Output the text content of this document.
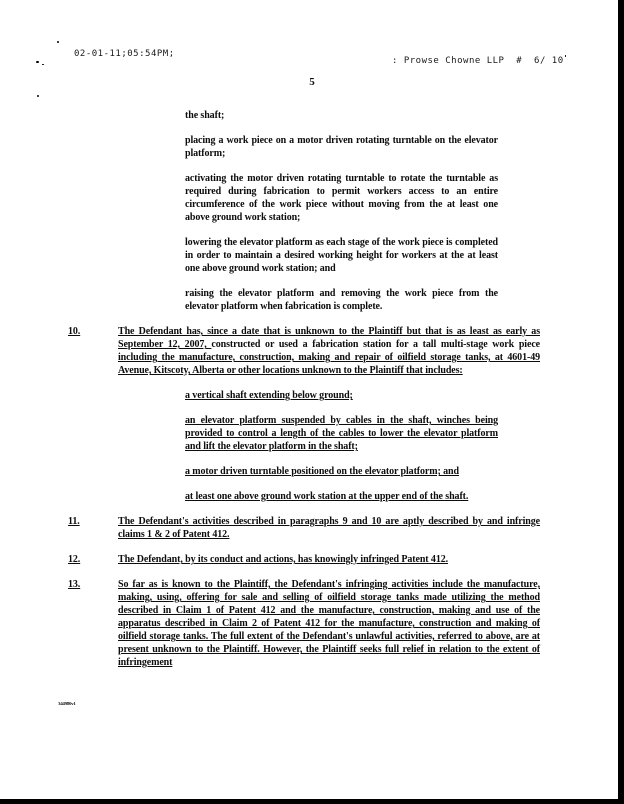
02-01-11;05:54PM;
: Prowse Chowne LLP  #  6/ 10
5

the shaft;

placing a work piece on a motor driven rotating turntable on the elevator platform;

activating the motor driven rotating turntable to rotate the turntable as required during fabrication to permit workers access to an entire circumference of the work piece without moving from the at least one above ground work station;

lowering the elevator platform as each stage of the work piece is completed in order to maintain a desired working height for workers at the at least one above ground work station; and

raising the elevator platform and removing the work piece from the elevator platform when fabrication is complete.

10.	The Defendant has, since a date that is unknown to the Plaintiff but that is as least as early as September 12, 2007, constructed or used a fabrication station for a tall multi-stage work piece including the manufacture, construction, making and repair of oilfield storage tanks, at 4601-49 Avenue, Kitscoty, Alberta or other locations unknown to the Plaintiff that includes:

a vertical shaft extending below ground;

an elevator platform suspended by cables in the shaft, winches being provided to control a length of the cables to lower the elevator platform and lift the elevator platform in the shaft;

a motor driven turntable positioned on the elevator platform; and

at least one above ground work station at the upper end of the shaft.

11.	The Defendant's activities described in paragraphs 9 and 10 are aptly described by and infringe claims 1 & 2 of Patent 412.
12.	The Defendant, by its conduct and actions, has knowingly infringed Patent 412.
13.	So far as is known to the Plaintiff, the Defendant's infringing activities include the manufacture, making, using, offering for sale and selling of oilfield storage tanks made utilizing the method described in Claim 1 of Patent 412 and the manufacture, construction, making and use of the apparatus described in Claim 2 of Patent 412 for the manufacture, construction and making of oilfield storage tanks. The full extent of the Defendant's unlawful activities, referred to above, are at present unknown to the Plaintiff. However, the Plaintiff seeks full relief in relation to the extent of infringement
344980v1
